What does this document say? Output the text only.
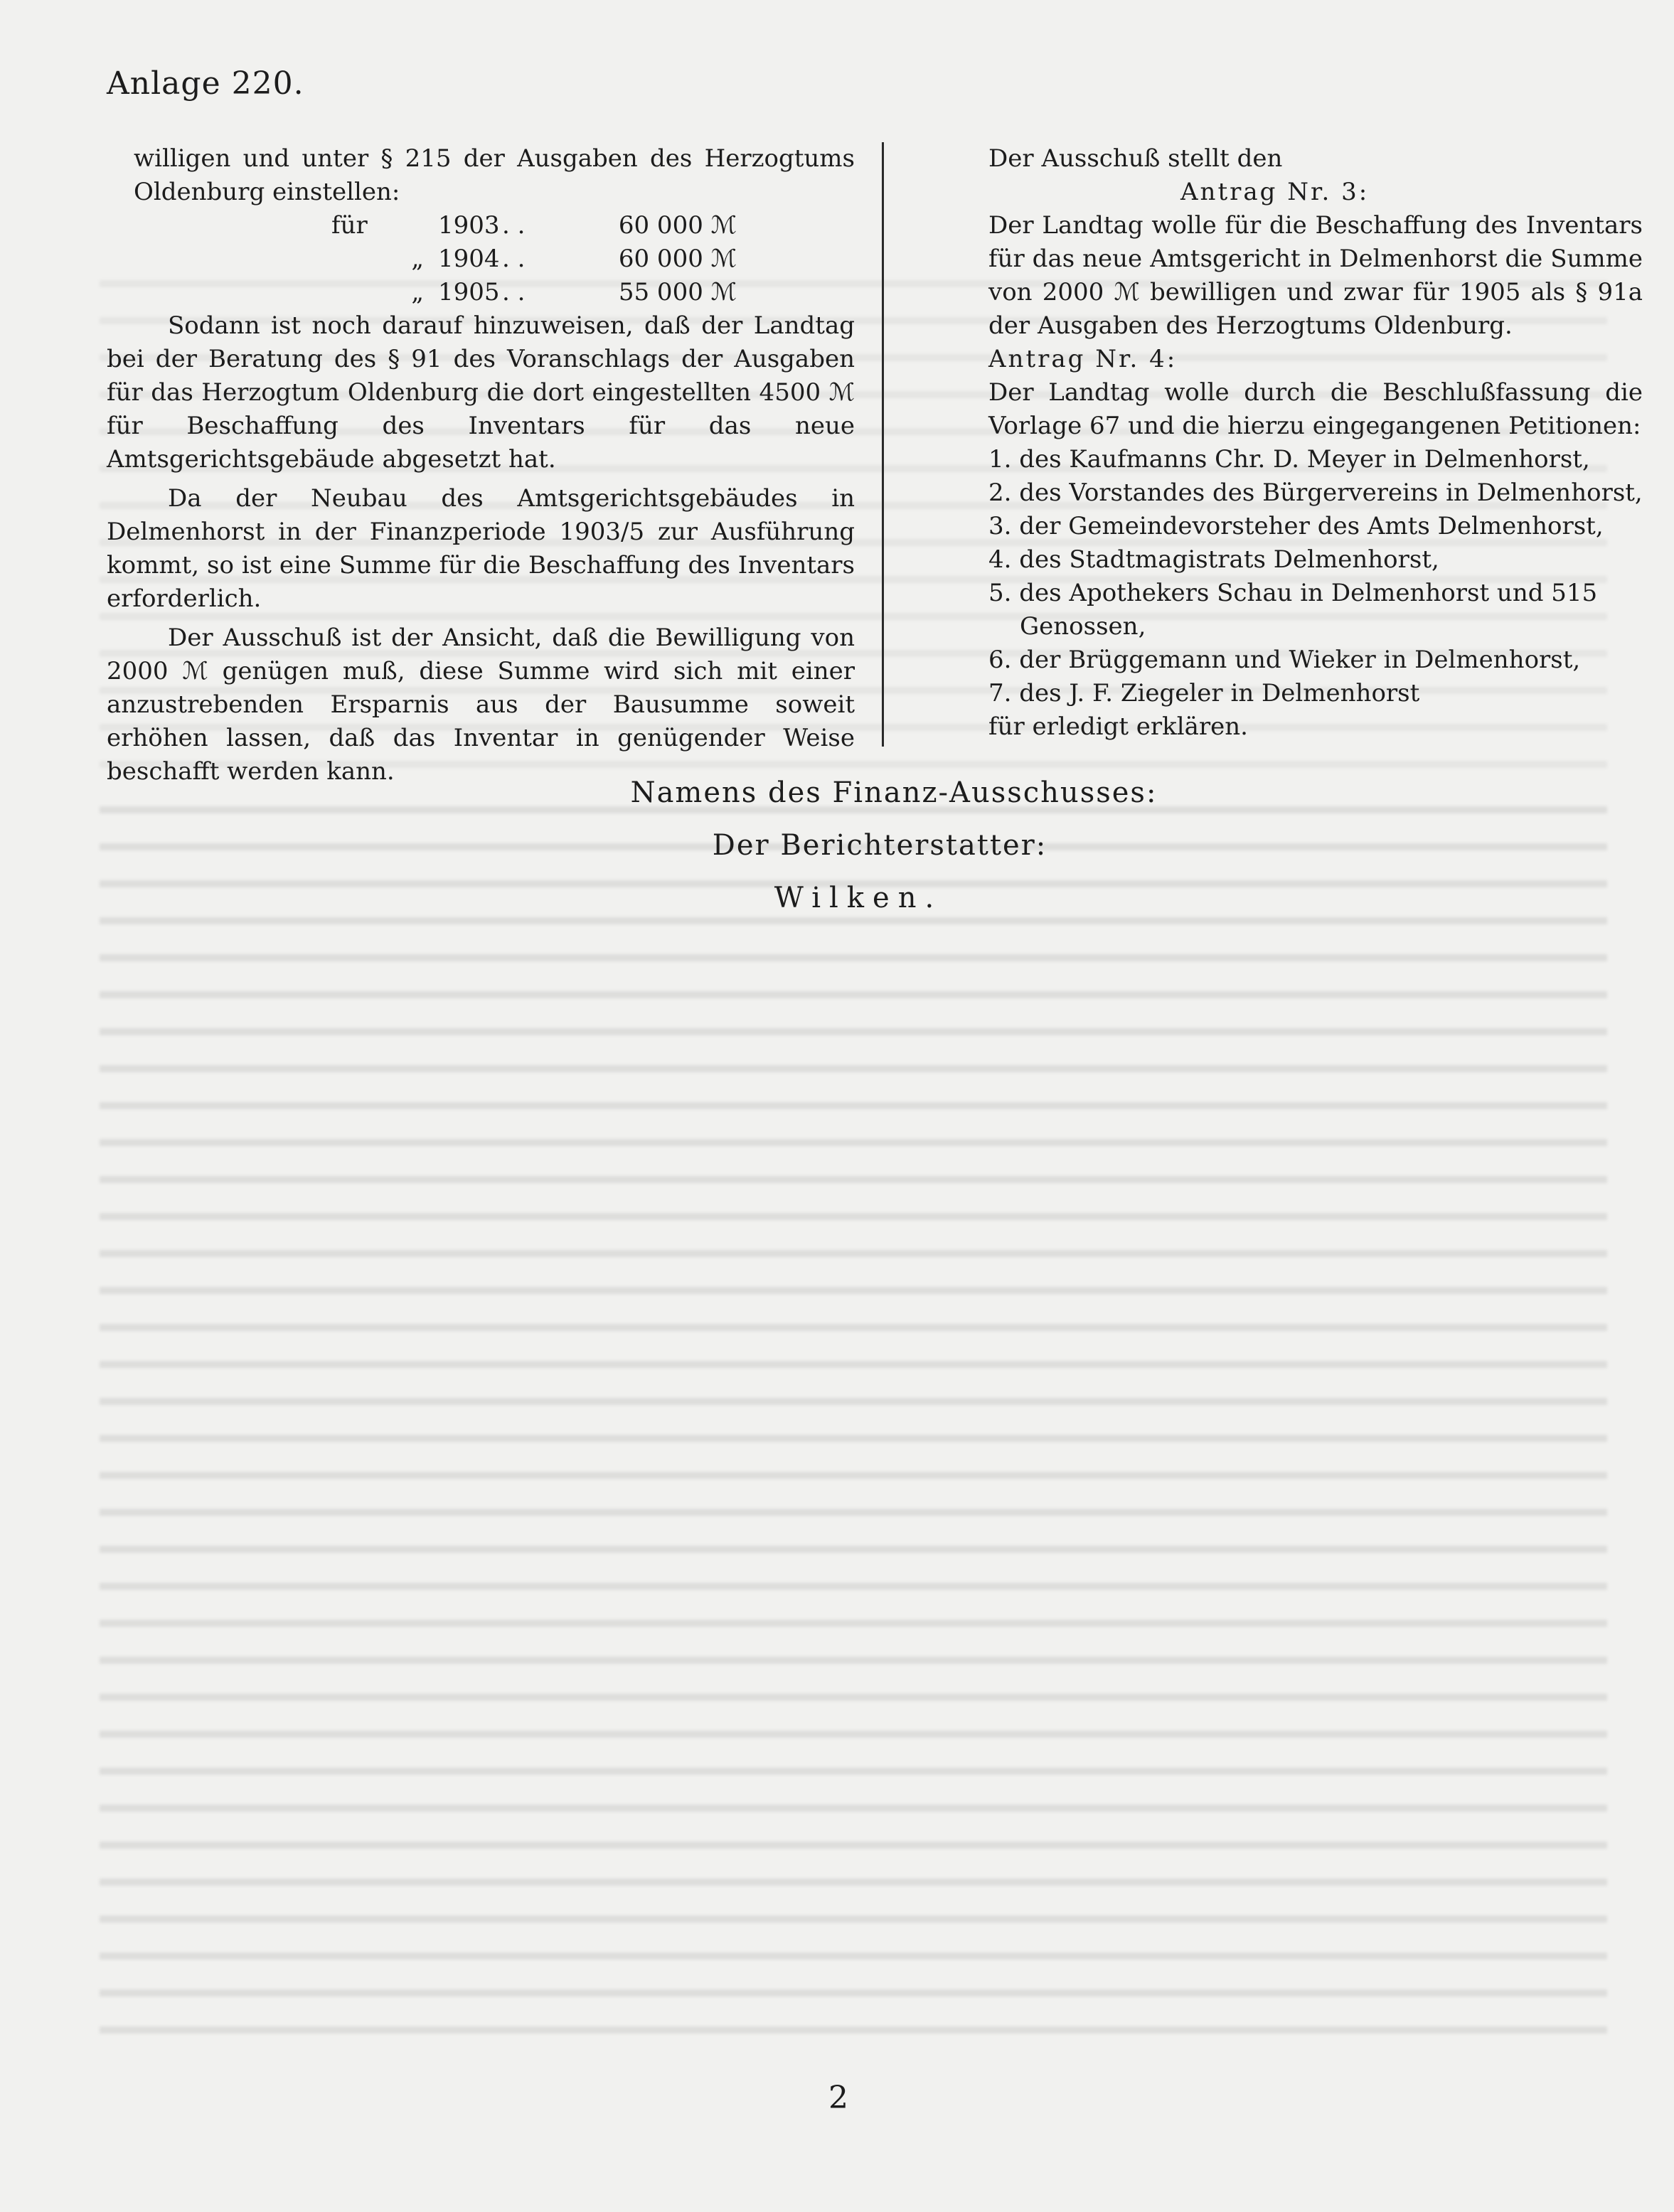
Anlage 220.

willigen und unter § 215 der Ausgaben des Herzogtums Oldenburg einstellen:

für	1903 . .	60 000 ℳ
„ 1904 . .	60 000 ℳ
„ 1905 . .	55 000 ℳ

Sodann ist noch darauf hinzuweisen, daß der Landtag bei der Beratung des § 91 des Voranschlags der Ausgaben für das Herzogtum Oldenburg die dort eingestellten 4500 ℳ für Beschaffung des Inventars für das neue Amtsgerichtsgebäude abgesetzt hat.

Da der Neubau des Amtsgerichtsgebäudes in Delmenhorst in der Finanzperiode 1903/5 zur Ausführung kommt, so ist eine Summe für die Beschaffung des Inventars erforderlich.

Der Ausschuß ist der Ansicht, daß die Bewilligung von 2000 ℳ genügen muß, diese Summe wird sich mit einer anzustrebenden Ersparnis aus der Bausumme soweit erhöhen lassen, daß das Inventar in genügender Weise beschafft werden kann.

Der Ausschuß stellt den

Antrag Nr. 3:

Der Landtag wolle für die Beschaffung des Inventars für das neue Amtsgericht in Delmenhorst die Summe von 2000 ℳ bewilligen und zwar für 1905 als § 91a der Ausgaben des Herzogtums Oldenburg.

Antrag Nr. 4:

Der Landtag wolle durch die Beschlußfassung die Vorlage 67 und die hierzu eingegangenen Petitionen:

1. des Kaufmanns Chr. D. Meyer in Delmenhorst,
2. des Vorstandes des Bürgervereins in Delmenhorst,
3. der Gemeindevorsteher des Amts Delmenhorst,
4. des Stadtmagistrats Delmenhorst,
5. des Apothekers Schau in Delmenhorst und 515
Genossen,
6. der Brüggemann und Wieker in Delmenhorst,
7. des J. F. Ziegeler in Delmenhorst

für erledigt erklären.

Namens des Finanz-Ausschusses:
Der Berichterstatter:
Wilken.
2
